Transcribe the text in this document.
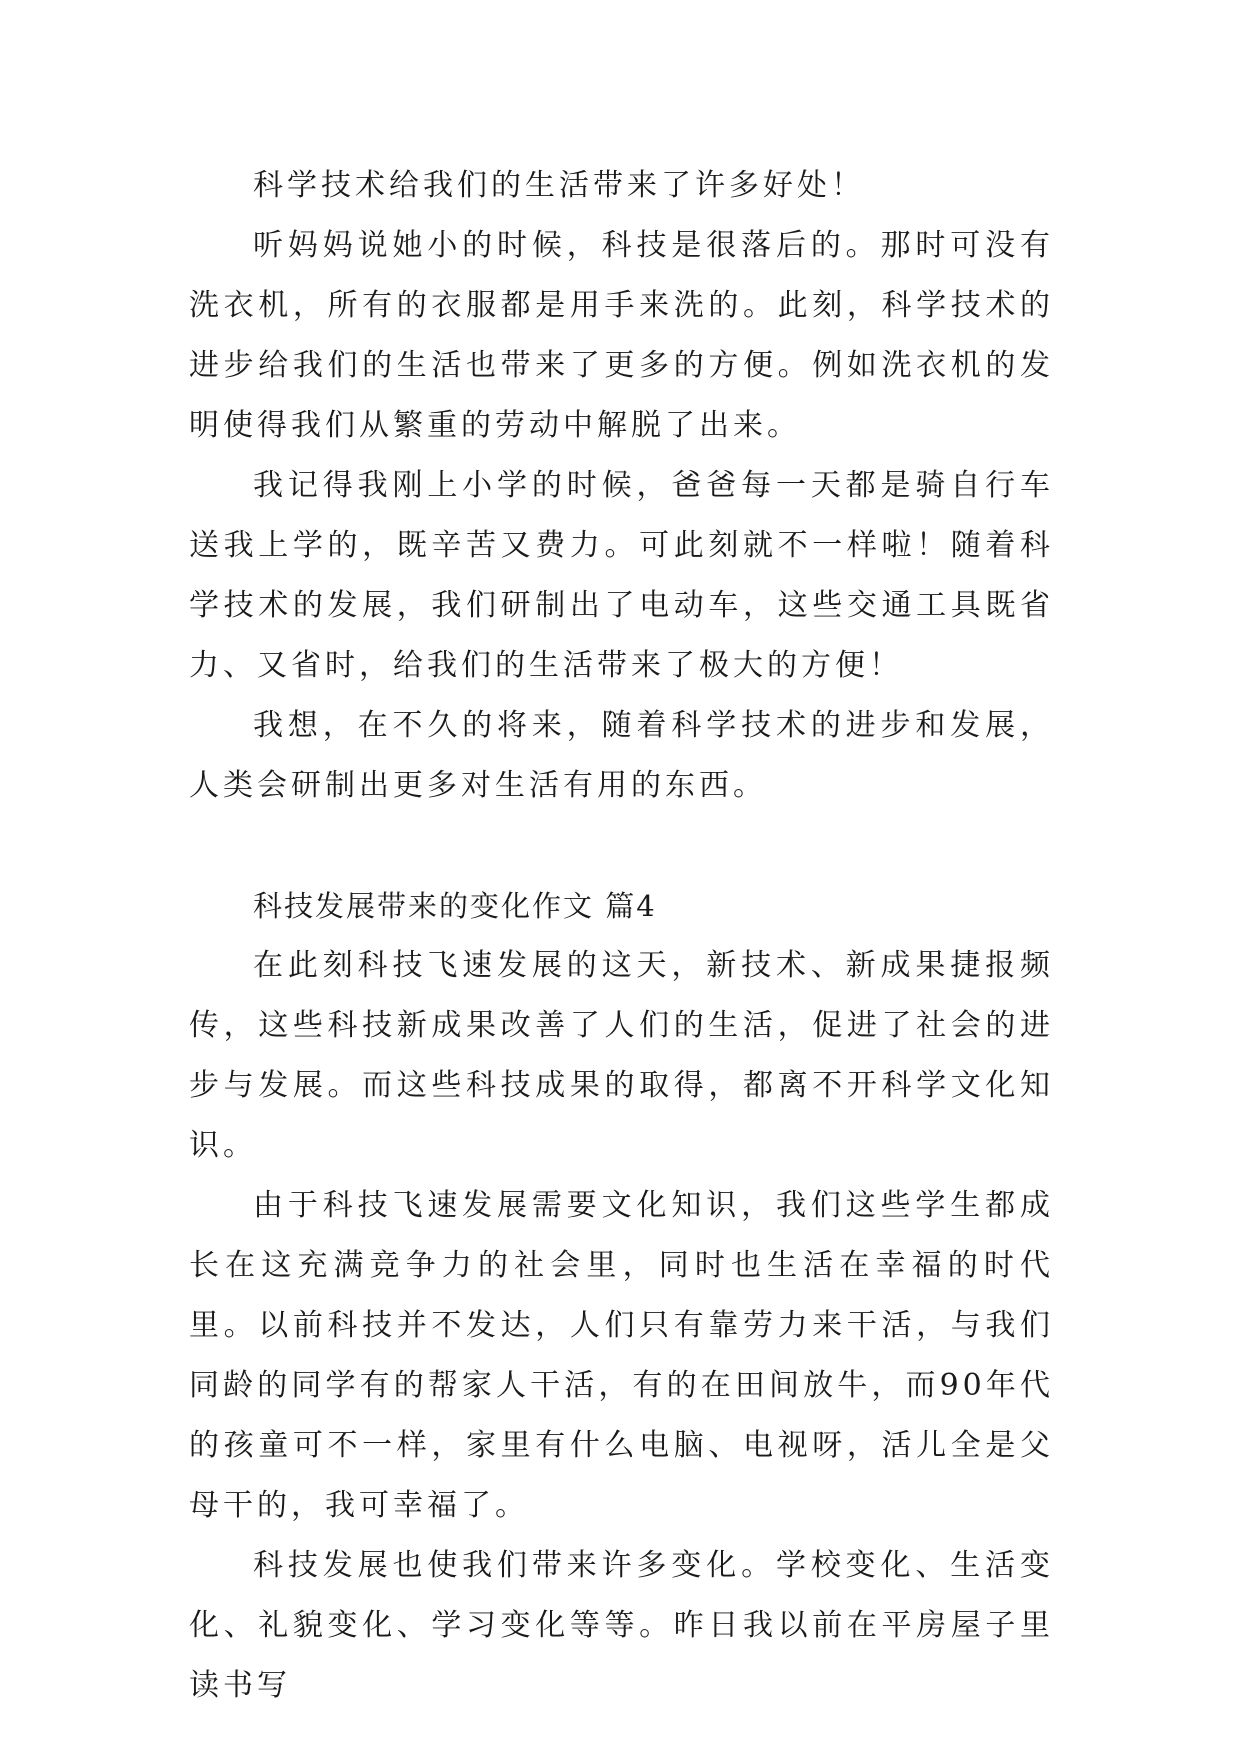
科学技术给我们的生活带来了许多好处！

听妈妈说她小的时候，科技是很落后的。那时可没有洗衣机，所有的衣服都是用手来洗的。此刻，科学技术的进步给我们的生活也带来了更多的方便。例如洗衣机的发明使得我们从繁重的劳动中解脱了出来。

我记得我刚上小学的时候，爸爸每一天都是骑自行车送我上学的，既辛苦又费力。可此刻就不一样啦！随着科学技术的发展，我们研制出了电动车，这些交通工具既省力、又省时，给我们的生活带来了极大的方便！

我想，在不久的将来，随着科学技术的进步和发展，人类会研制出更多对生活有用的东西。

科技发展带来的变化作文 篇4

在此刻科技飞速发展的这天，新技术、新成果捷报频传，这些科技新成果改善了人们的生活，促进了社会的进步与发展。而这些科技成果的取得，都离不开科学文化知识。

由于科技飞速发展需要文化知识，我们这些学生都成长在这充满竞争力的社会里，同时也生活在幸福的时代里。以前科技并不发达，人们只有靠劳力来干活，与我们同龄的同学有的帮家人干活，有的在田间放牛，而90年代的孩童可不一样，家里有什么电脑、电视呀，活儿全是父母干的，我可幸福了。

科技发展也使我们带来许多变化。学校变化、生活变化、礼貌变化、学习变化等等。昨日我以前在平房屋子里读书写
